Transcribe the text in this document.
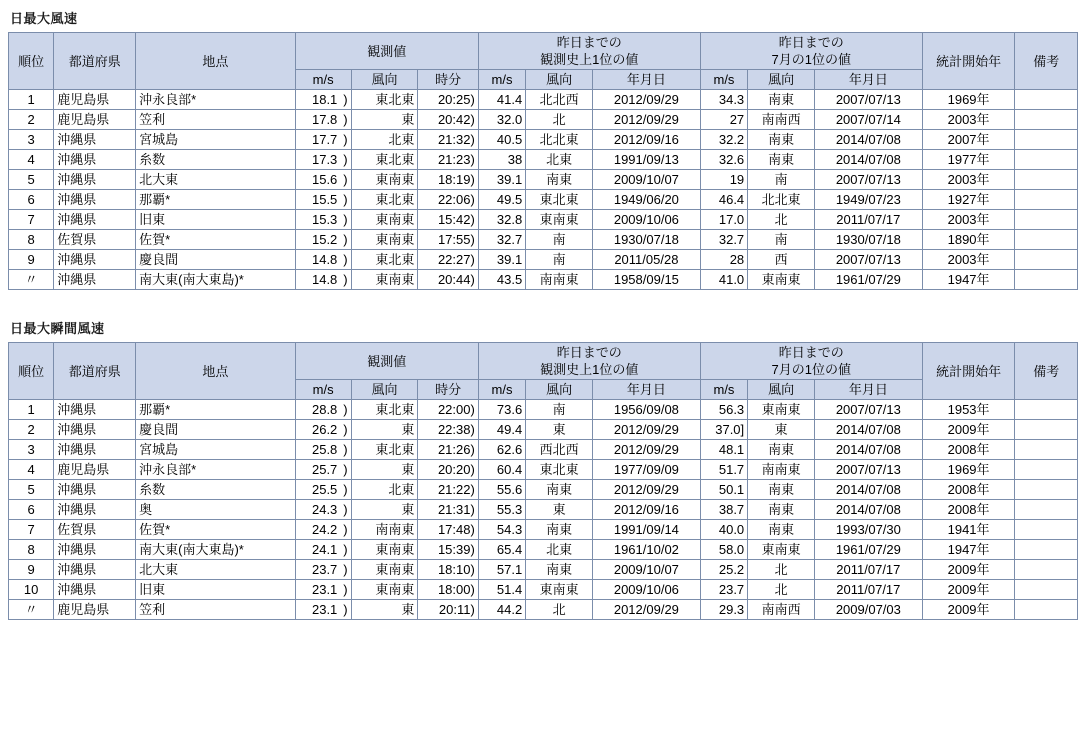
日最大風速
順位	都道府県	地点	観測値	
昨日までの
観測史上1位の値

昨日までの
7月の1位の値	統計開始年	備考
			m/s	風向	時分	m/s	風向	年月日	m/s	風向	年月日		
1	鹿児島県	沖永良部*	18.1 )	東北東	20:25)	41.4	北北西	2012/09/29	34.3	南東	2007/07/13	1969年	
2	鹿児島県	笠利	17.8 )	東	20:42)	32.0	北	2012/09/29	27	南南西	2007/07/14	2003年	
3	沖縄県	宮城島	17.7 )	北東	21:32)	40.5	北北東	2012/09/16	32.2	南東	2014/07/08	2007年	
4	沖縄県	糸数	17.3 )	東北東	21:23)	38	北東	1991/09/13	32.6	南東	2014/07/08	1977年	
5	沖縄県	北大東	15.6 )	東南東	18:19)	39.1	南東	2009/10/07	19	南	2007/07/13	2003年	
6	沖縄県	那覇*	15.5 )	東北東	22:06)	49.5	東北東	1949/06/20	46.4	北北東	1949/07/23	1927年	
7	沖縄県	旧東	15.3 )	東南東	15:42)	32.8	東南東	2009/10/06	17.0	北	2011/07/17	2003年	
8	佐賀県	佐賀*	15.2 )	東南東	17:55)	32.7	南	1930/07/18	32.7	南	1930/07/18	1890年	
9	沖縄県	慶良間	14.8 )	東北東	22:27)	39.1	南	2011/05/28	28	西	2007/07/13	2003年	
〃	沖縄県	南大東(南大東島)*	14.8 )	東南東	20:44)	43.5	南南東	1958/09/15	41.0	東南東	1961/07/29	1947年	
日最大瞬間風速
順位	都道府県	地点	観測値	
昨日までの
観測史上1位の値

昨日までの
7月の1位の値	統計開始年	備考
			m/s	風向	時分	m/s	風向	年月日	m/s	風向	年月日		
1	沖縄県	那覇*	28.8 )	東北東	22:00)	73.6	南	1956/09/08	56.3	東南東	2007/07/13	1953年	
2	沖縄県	慶良間	26.2 )	東	22:38)	49.4	東	2012/09/29	37.0]	東	2014/07/08	2009年	
3	沖縄県	宮城島	25.8 )	東北東	21:26)	62.6	西北西	2012/09/29	48.1	南東	2014/07/08	2008年	
4	鹿児島県	沖永良部*	25.7 )	東	20:20)	60.4	東北東	1977/09/09	51.7	南南東	2007/07/13	1969年	
5	沖縄県	糸数	25.5 )	北東	21:22)	55.6	南東	2012/09/29	50.1	南東	2014/07/08	2008年	
6	沖縄県	奥	24.3 )	東	21:31)	55.3	東	2012/09/16	38.7	南東	2014/07/08	2008年	
7	佐賀県	佐賀*	24.2 )	南南東	17:48)	54.3	南東	1991/09/14	40.0	南東	1993/07/30	1941年	
8	沖縄県	南大東(南大東島)*	24.1 )	東南東	15:39)	65.4	北東	1961/10/02	58.0	東南東	1961/07/29	1947年	
9	沖縄県	北大東	23.7 )	東南東	18:10)	57.1	南東	2009/10/07	25.2	北	2011/07/17	2009年	
10	沖縄県	旧東	23.1 )	東南東	18:00)	51.4	東南東	2009/10/06	23.7	北	2011/07/17	2009年	
〃	鹿児島県	笠利	23.1 )	東	20:11)	44.2	北	2012/09/29	29.3	南南西	2009/07/03	2009年	
